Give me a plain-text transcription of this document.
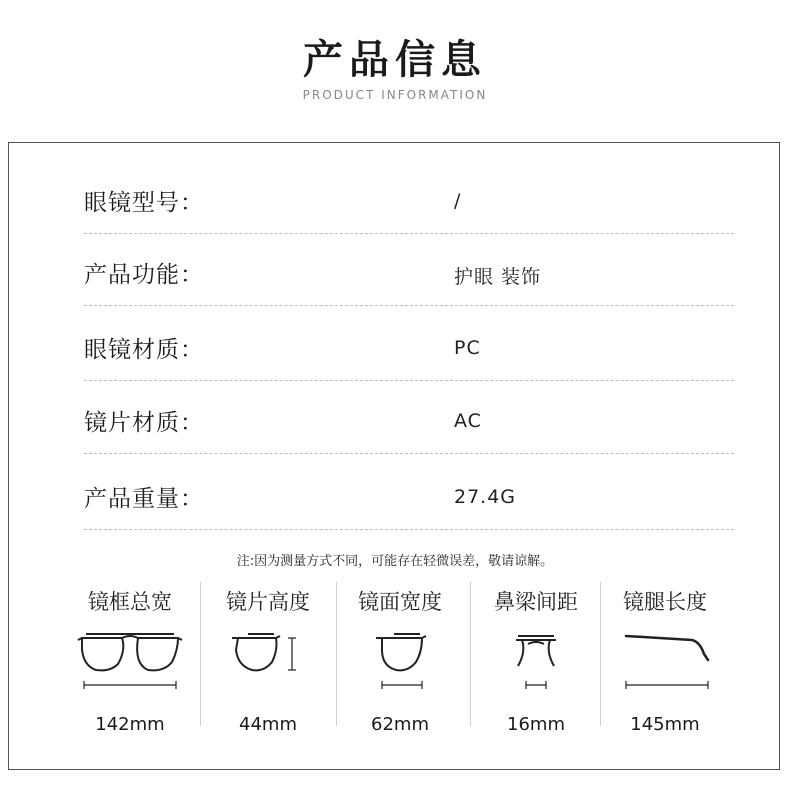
产品信息
PRODUCT INFORMATION
眼镜型号：	/
产品功能：	护眼 装饰
眼镜材质：	PC
镜片材质：	AC
产品重量：	27.4G
注:因为测量方式不同，可能存在轻微误差，敬请谅解。
镜框总宽
142mm
镜片高度
44mm
镜面宽度
62mm
鼻梁间距
16mm
镜腿长度
145mm
